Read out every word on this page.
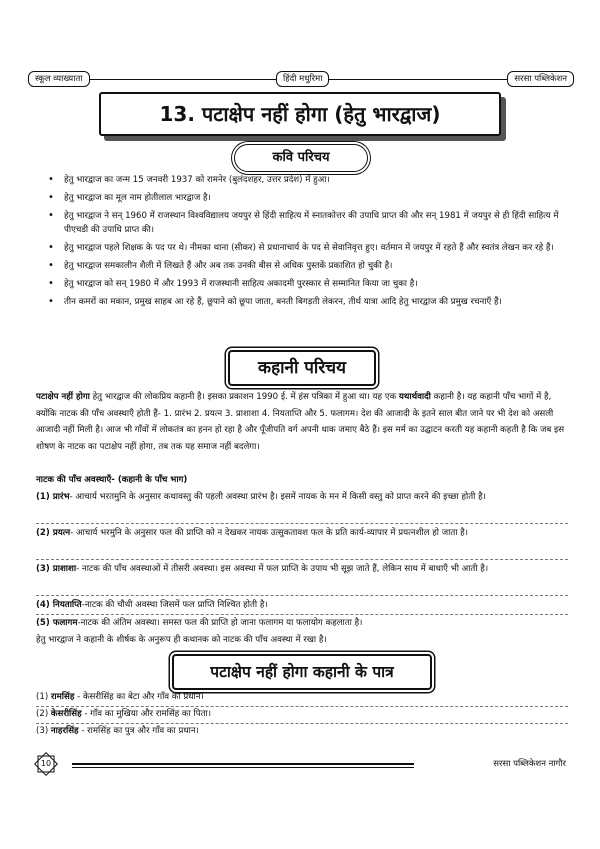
स्कूल व्याख्याता	हिंदी मधुरिमा	सरसा पब्लिकेशन
13. पटाक्षेप नहीं होगा (हेतु भारद्वाज)
कवि परिचय
• हेतु भारद्वाज का जन्म 15 जनवरी 1937 को रामनेर (बुलंदशहर, उत्तर प्रदेश) में हुआ।
• हेतु भारद्वाज का मूल नाम होतीलाल भारद्वाज है।
• हेतु भारद्वाज ने सन् 1960 में राजस्थान विश्वविद्यालय जयपुर से हिंदी साहित्य में स्नातकोत्तर की उपाधि प्राप्त की और सन् 1981 में जयपुर से ही हिंदी साहित्य में पीएचडी की उपाधि प्राप्त की।
• हेतु भारद्वाज पहले शिक्षक के पद पर थे। नीमका थाना (सीकर) से प्रधानाचार्य के पद से सेवानिवृत्त हुए। वर्तमान में जयपुर में रहते हैं और स्वतंत्र लेखन कर रहे हैं।
• हेतु भारद्वाज समकालीन शैली में लिखते हैं और अब तक उनकी बीस से अधिक पुस्तकें प्रकाशित हो चुकी है।
• हेतु भारद्वाज को सन् 1980 में और 1993 में राजस्थानी साहित्य अकादमी पुरस्कार से सम्मानित किया जा चुका है।
• तीन कमरों का मकान, प्रमुख साहब आ रहे हैं, छूपाने को छूपा जाता, बनती बिगड़ती लेकरन, तीर्थ यात्रा आदि हेतु भारद्वाज की प्रमुख रचनाएँ हैं।
कहानी परिचय

पटाक्षेप नहीं होगा हेतु भारद्वाज की लोकप्रिय कहानी है। इसका प्रकाशन 1990 ई. में हंस पत्रिका में हुआ था। यह एक यथार्थवादी कहानी है। यह कहानी पाँच भागों में है, क्योंकि नाटक की पाँच अवस्थाएँ होती हैं- 1. प्रारंभ 2. प्रयत्न 3. प्राशाशा 4. नियताप्ति और 5. फलागम। देश की आजादी के इतने साल बीत जाने पर भी देश को असली आजादी नहीं मिली है। आज भी गाँवों में लोकतंत्र का हनन हो रहा है और पूँजीपति वर्ग अपनी धाक जमाए बैठे हैं। इस मर्म का उद्घाटन करती यह कहानी कहती है कि जब इस शोषण के नाटक का पटाक्षेप नहीं होगा, तब तक यह समाज नहीं बदलेगा।

नाटक की पाँच अवस्थाएँ- (कहानी के पाँच भाग)

(1) प्रारंभ- आचार्य भरतमुनि के अनुसार कथावस्तु की पहली अवस्था प्रारंभ है। इसमें नायक के मन में किसी वस्तु को प्राप्त करने की इच्छा होती है।

(2) प्रयत्न- आचार्य भरमुनि के अनुसार फल की प्राप्ति को न देखकर नायक उत्सुकतावश फल के प्रति कार्य-व्यापार में प्रयत्नशील हो जाता है।

(3) प्राशाशा- नाटक की पाँच अवस्थाओं में तीसरी अवस्था। इस अवस्था में फल प्राप्ति के उपाय भी सूझ जाते हैं, लेकिन साथ में बाधाएँ भी आती है।

(4) नियताप्ति-नाटक की चौथी अवस्था जिसमें फल प्राप्ति निश्चित होती है।

(5) फलागम-नाटक की अंतिम अवस्था। समस्त फल की प्राप्ति हो जाना फलागम या फलायोग कहलाता है।

हेतु भारद्वाज ने कहानी के शीर्षक के अनुरूप ही कथानक को नाटक की पाँच अवस्था में रखा है।

पटाक्षेप नहीं होगा कहानी के पात्र
(1) रामसिंह - केसरीसिंह का बेटा और गाँव का प्रधान।
(2) केसरीसिंह - गाँव का मुखिया और रामसिंह का पिता।
(3) नाहरसिंह - रामसिंह का पुत्र और गाँव का प्रधान।
10	सरसा पब्लिकेशन नागौर
